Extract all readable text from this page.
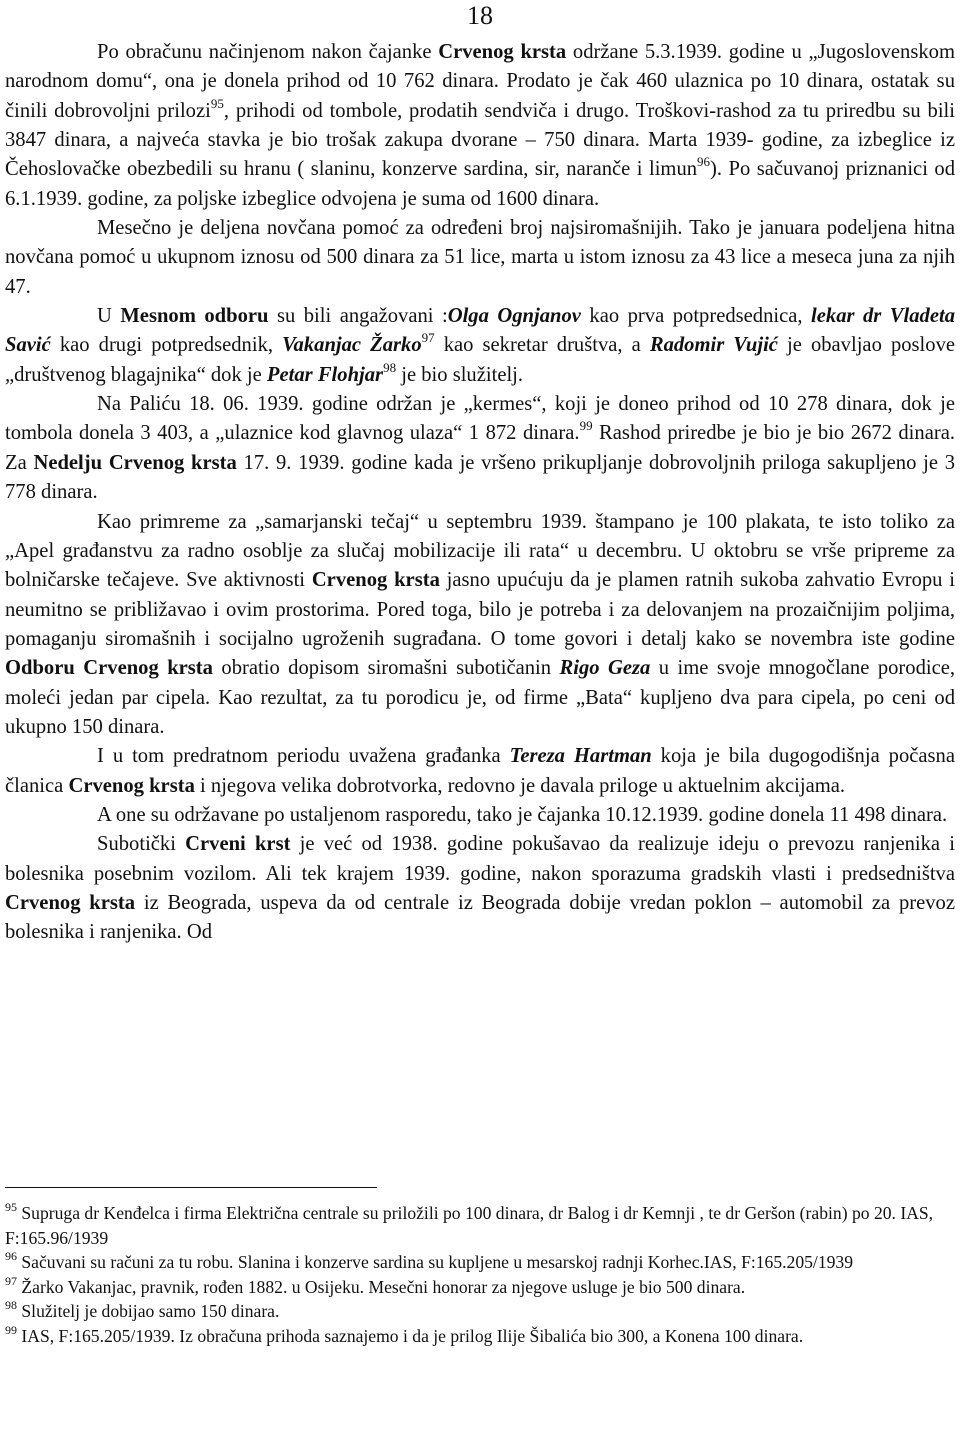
18

Po obračunu načinjenom nakon čajanke Crvenog krsta održane 5.3.1939. godine u „Jugoslovenskom narodnom domu“, ona je donela prihod od 10 762 dinara. Prodato je čak 460 ulaznica po 10 dinara, ostatak su činili dobrovoljni prilozi$^{95}$, prihodi od tombole, prodatih sendviča i drugo. Troškovi-rashod za tu priredbu su bili 3847 dinara, a najveća stavka je bio trošak zakupa dvorane – 750 dinara. Marta 1939- godine, za izbeglice iz Čehoslovačke obezbedili su hranu ( slaninu, konzerve sardina, sir, narančе i limun$^{96}$). Po sačuvanoj priznanici od 6.1.1939. godine, za poljske izbeglice odvojena je suma od 1600 dinara.

Mesečno je deljena novčana pomoć za određeni broj najsiromašnijih. Tako je januara podeljena hitna novčana pomoć u ukupnom iznosu od 500 dinara za 51 lice, marta u istom iznosu za 43 lice a meseca juna za njih 47.

U Mesnom odboru su bili angažovani :Olga Ognjanov kao prva potpredsednica, lekar dr Vladeta Savić kao drugi potpredsednik, Vakanjac Žarko$^{97}$ kao sekretar društva, a Radomir Vujić je obavljao poslove „društvenog blagajnika“ dok je Petar Flohjar$^{98}$ je bio služitelj.

Na Paliću 18. 06. 1939. godine održan je „kermes“, koji je doneo prihod od 10 278 dinara, dok je tombola donela 3 403, a „ulaznice kod glavnog ulaza“ 1 872 dinara.$^{99}$ Rashod priredbe je bio je bio 2672 dinara. Za Nedelju Crvenog krsta 17. 9. 1939. godine kada je vršeno prikupljanje dobrovoljnih priloga sakupljeno je 3 778 dinara.

Kao primreme za „samarjanski tečaj“ u septembru 1939. štampano je 100 plakata, te isto toliko za „Apel građanstvu za radno osoblje za slučaj mobilizacije ili rata“ u decembru. U oktobru se vrše pripreme za bolničarske tečajeve. Sve aktivnosti Crvenog krsta jasno upućuju da je plamen ratnih sukoba zahvatio Evropu i neumitno se približavao i ovim prostorima. Pored toga, bilo je potreba i za delovanjem na prozaičnijim poljima, pomaganju siromašnih i socijalno ugroženih sugrađana. O tome govori i detalj kako se novembra iste godine Odboru Crvenog krsta obratio dopisom siromašni subotičanin Rigo Geza u ime svoje mnogočlane porodice, moleći jedan par cipela. Kao rezultat, za tu porodicu je, od firme „Bata“ kupljeno dva para cipela, po ceni od ukupno 150 dinara.

I u tom predratnom periodu uvažena građanka Tereza Hartman koja je bila dugogodišnja počasna članica Crvenog krsta i njegova velika dobrotvorka, redovno je davala priloge u aktuelnim akcijama.

A one su održavane po ustaljenom rasporedu, tako je čajanka 10.12.1939. godine donela 11 498 dinara.

Subotički Crveni krst je već od 1938. godine pokušavao da realizuje ideju o prevozu ranjenika i bolesnika posebnim vozilom. Ali tek krajem 1939. godine, nakon sporazuma gradskih vlasti i predsedništva Crvenog krsta iz Beograda, uspeva da od centrale iz Beograda dobije vredan poklon – automobil za prevoz bolesnika i ranjenika. Od

$^{95}$ Supruga dr Kenđelca i firma Električna centrale su priložili po 100 dinara, dr Balog i dr Kemnji , te dr Geršon (rabin) po 20. IAS, F:165.96/1939

$^{96}$ Sačuvani su računi za tu robu. Slanina i konzerve sardina su kupljene u mesarskoj radnji Korhec.IAS, F:165.205/1939

$^{97}$ Žarko Vakanjac, pravnik, rođen 1882. u Osijeku. Mesečni honorar za njegove usluge je bio 500 dinara.

$^{98}$ Služitelj je dobijao samo 150 dinara.

$^{99}$ IAS, F:165.205/1939. Iz obračuna prihoda saznajemo i da je prilog Ilije Šibalića bio 300, a Konena 100 dinara.
